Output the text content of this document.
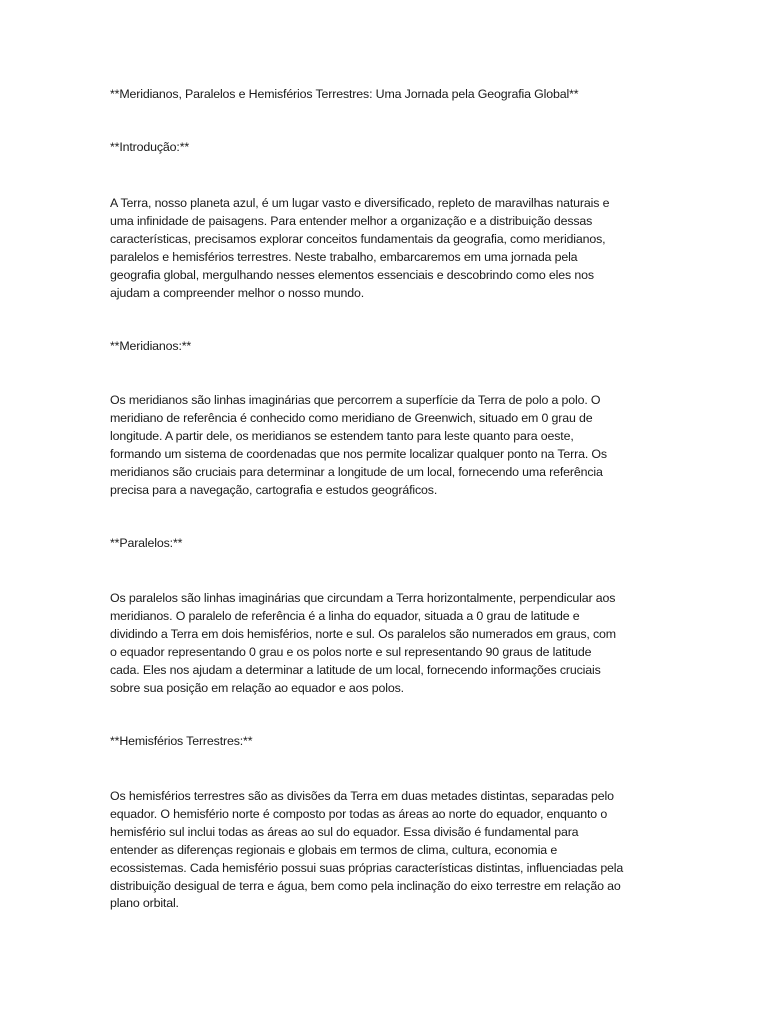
**Meridianos, Paralelos e Hemisférios Terrestres: Uma Jornada pela Geografia Global**

**Introdução:**

A Terra, nosso planeta azul, é um lugar vasto e diversificado, repleto de maravilhas naturais e
uma infinidade de paisagens. Para entender melhor a organização e a distribuição dessas
características, precisamos explorar conceitos fundamentais da geografia, como meridianos,
paralelos e hemisférios terrestres. Neste trabalho, embarcaremos em uma jornada pela
geografia global, mergulhando nesses elementos essenciais e descobrindo como eles nos
ajudam a compreender melhor o nosso mundo.

**Meridianos:**

Os meridianos são linhas imaginárias que percorrem a superfície da Terra de polo a polo. O
meridiano de referência é conhecido como meridiano de Greenwich, situado em 0 grau de
longitude. A partir dele, os meridianos se estendem tanto para leste quanto para oeste,
formando um sistema de coordenadas que nos permite localizar qualquer ponto na Terra. Os
meridianos são cruciais para determinar a longitude de um local, fornecendo uma referência
precisa para a navegação, cartografia e estudos geográficos.

**Paralelos:**

Os paralelos são linhas imaginárias que circundam a Terra horizontalmente, perpendicular aos
meridianos. O paralelo de referência é a linha do equador, situada a 0 grau de latitude e
dividindo a Terra em dois hemisférios, norte e sul. Os paralelos são numerados em graus, com
o equador representando 0 grau e os polos norte e sul representando 90 graus de latitude
cada. Eles nos ajudam a determinar a latitude de um local, fornecendo informações cruciais
sobre sua posição em relação ao equador e aos polos.

**Hemisférios Terrestres:**

Os hemisférios terrestres são as divisões da Terra em duas metades distintas, separadas pelo
equador. O hemisfério norte é composto por todas as áreas ao norte do equador, enquanto o
hemisfério sul inclui todas as áreas ao sul do equador. Essa divisão é fundamental para
entender as diferenças regionais e globais em termos de clima, cultura, economia e
ecossistemas. Cada hemisfério possui suas próprias características distintas, influenciadas pela
distribuição desigual de terra e água, bem como pela inclinação do eixo terrestre em relação ao
plano orbital.
